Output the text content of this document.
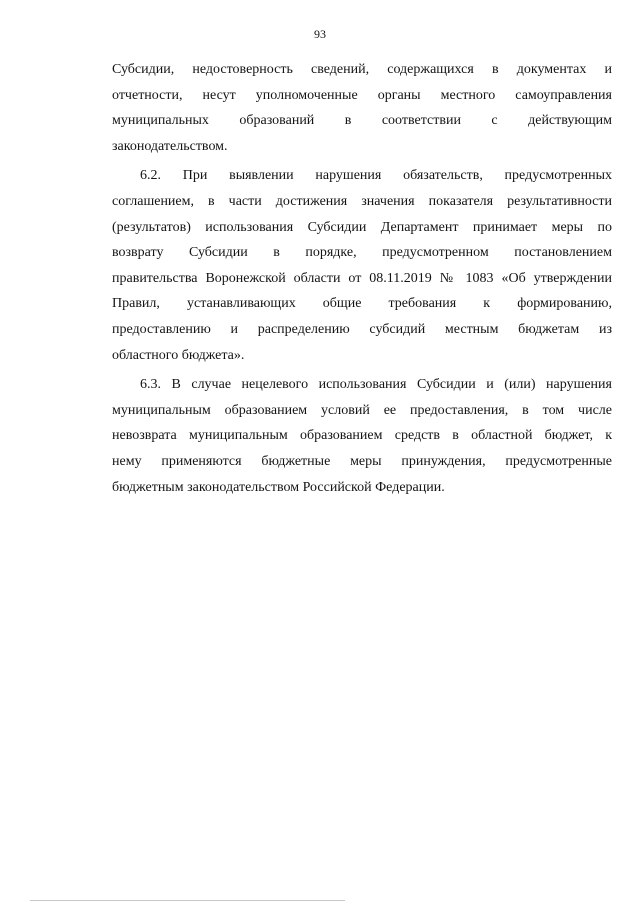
93
Субсидии, недостоверность сведений, содержащихся в документах и
отчетности, несут уполномоченные органы местного самоуправления
муниципальных образований в соответствии с действующим
законодательством.
6.2. При выявлении нарушения обязательств, предусмотренных
соглашением, в части достижения значения показателя результативности
(результатов) использования Субсидии Департамент принимает меры по
возврату Субсидии в порядке, предусмотренном постановлением
правительства Воронежской области от 08.11.2019 № 1083 «Об утверждении
Правил, устанавливающих общие требования к формированию,
предоставлению и распределению субсидий местным бюджетам из
областного бюджета».
6.3. В случае нецелевого использования Субсидии и (или) нарушения
муниципальным образованием условий ее предоставления, в том числе
невозврата муниципальным образованием средств в областной бюджет, к
нему применяются бюджетные меры принуждения, предусмотренные
бюджетным законодательством Российской Федерации.
